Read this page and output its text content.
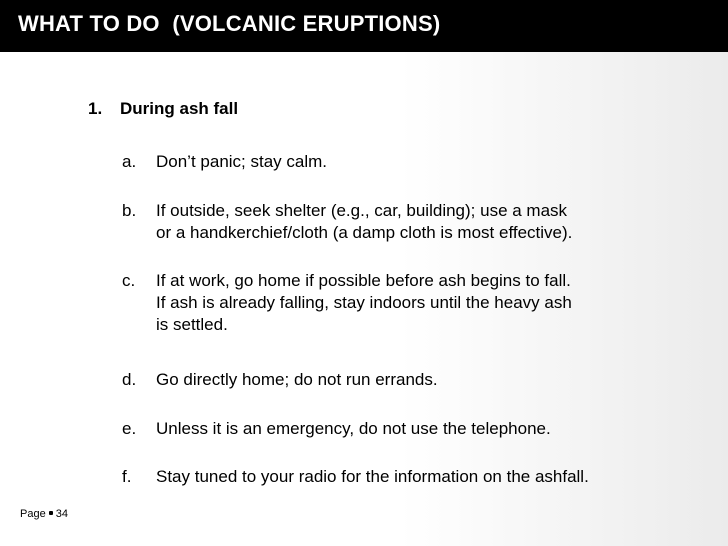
WHAT TO DO  (VOLCANIC ERUPTIONS)
1. During ash fall
a. Don’t panic; stay calm.
b. If outside, seek shelter (e.g., car, building); use a mask
or a handkerchief/cloth (a damp cloth is most effective).
c. If at work, go home if possible before ash begins to fall.
If ash is already falling, stay indoors until the heavy ash
is settled.
d. Go directly home; do not run errands.
e. Unless it is an emergency, do not use the telephone.
f. Stay tuned to your radio for the information on the ashfall.
Page 34
